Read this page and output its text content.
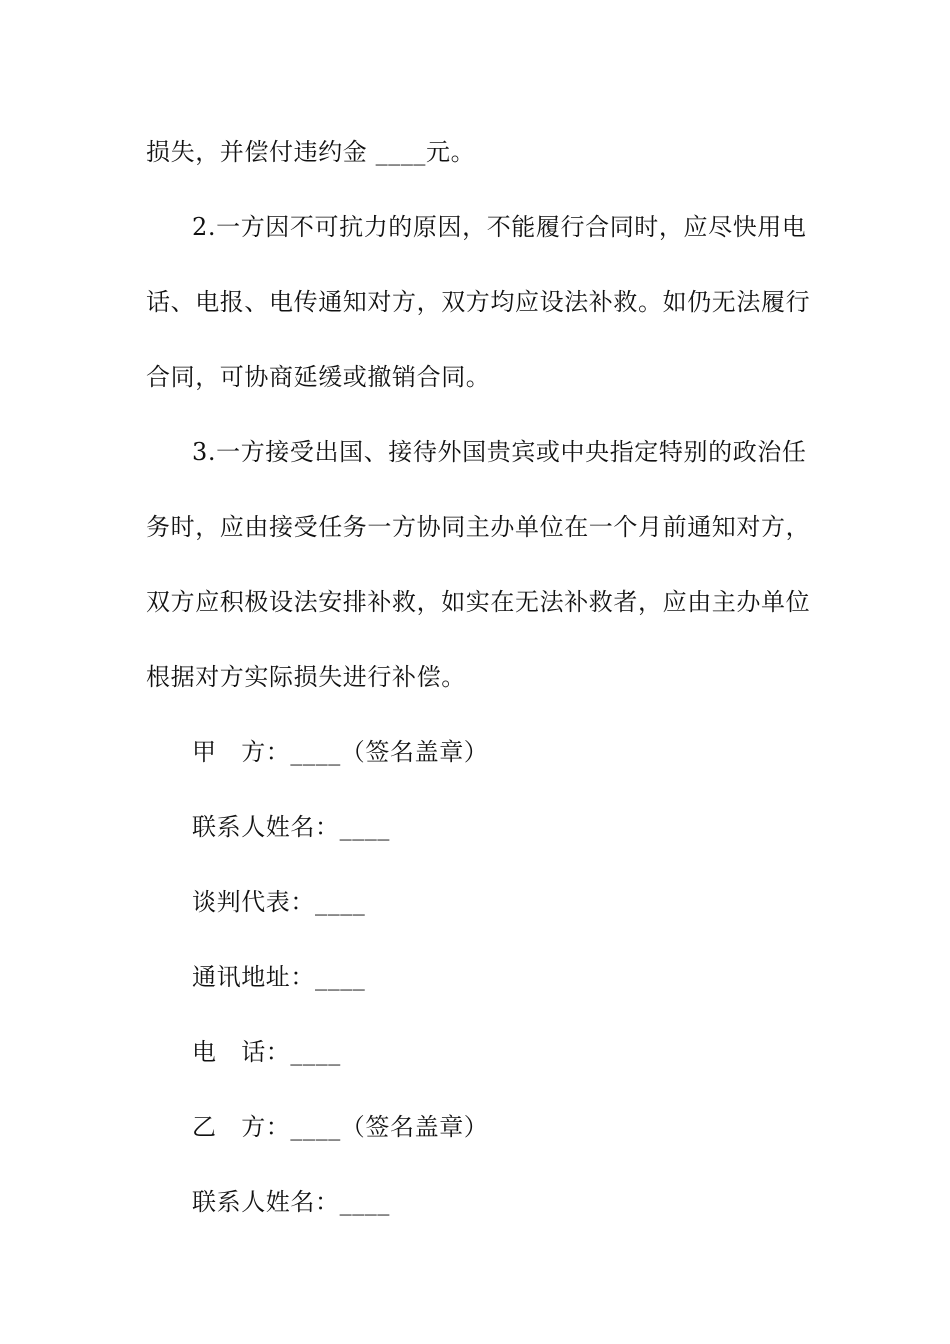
损失，并偿付违约金 ____元。
2.一方因不可抗力的原因，不能履行合同时，应尽快用电
话、电报、电传通知对方，双方均应设法补救。如仍无法履行
合同，可协商延缓或撤销合同。
3.一方接受出国、接待外国贵宾或中央指定特别的政治任
务时，应由接受任务一方协同主办单位在一个月前通知对方，
双方应积极设法安排补救，如实在无法补救者，应由主办单位
根据对方实际损失进行补偿。
甲　方：____（签名盖章）
联系人姓名：____
谈判代表：____
通讯地址：____
电　话：____
乙　方：____（签名盖章）
联系人姓名：____
